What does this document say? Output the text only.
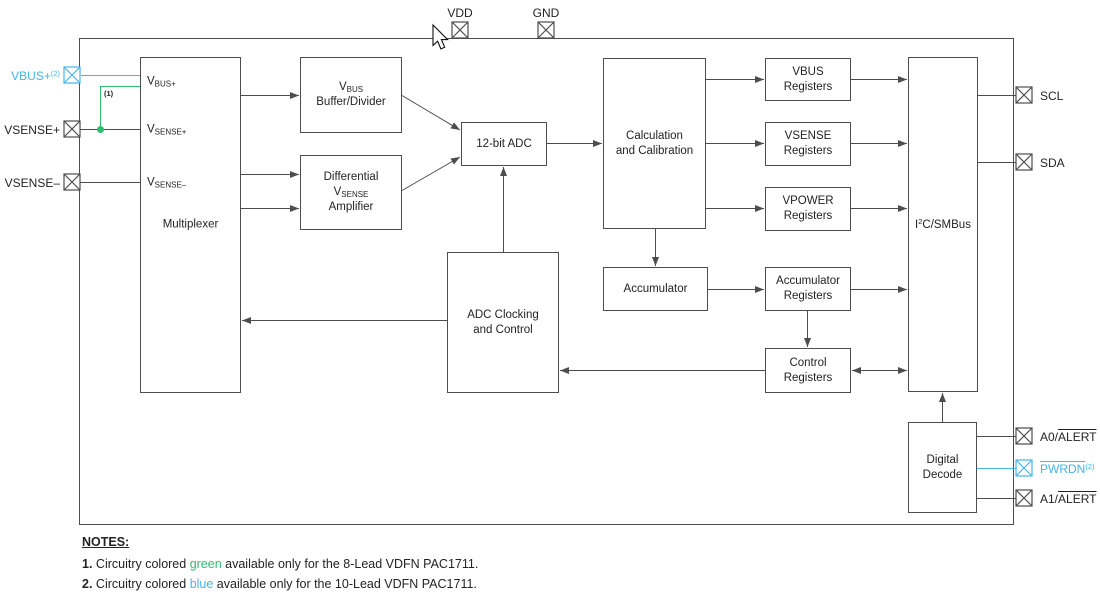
$V_{BUS+}$
$V_{SENSE+}$
$V_{SENSE-}$
Multiplexer
$V_{BUS}$
Buffer/Divider
Differential
$V_{SENSE}$
Amplifier
12-bit ADC
ADC Clocking
and Control
Calculation
and Calibration
Accumulator
VBUS
Registers
VSENSE
Registers
VPOWER
Registers
Accumulator
Registers
Control
Registers
$I^2C$/SMBus
Digital
Decode
VBUS+$^{(2)}$
VSENSE+
VSENSE–
VDD	GND
SCL
SDA
A0/ALERT
PWRDN$^{(2)}$
A1/ALERT
(1)
NOTES:
1. Circuitry colored green available only for the 8-Lead VDFN PAC1711.
2. Circuitry colored blue available only for the 10-Lead VDFN PAC1711.
